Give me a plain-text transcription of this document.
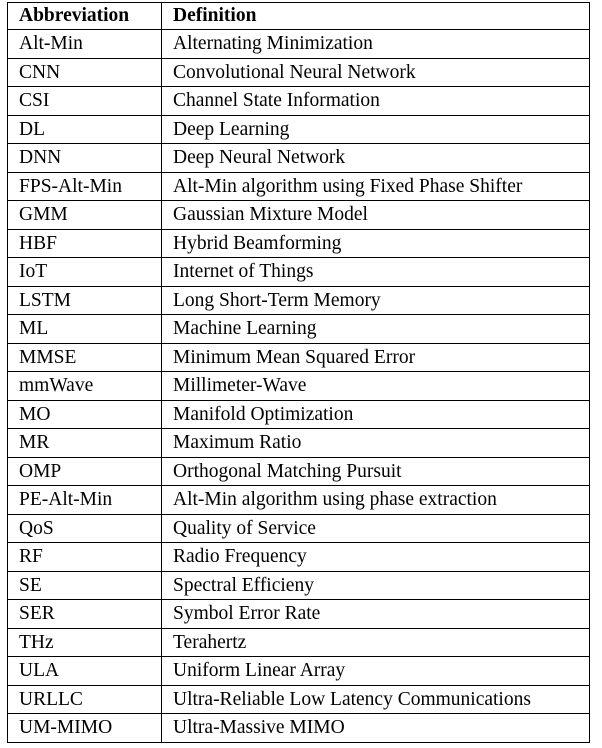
Abbreviation	Definition
Alt-Min	Alternating Minimization
CNN	Convolutional Neural Network
CSI	Channel State Information
DL	Deep Learning
DNN	Deep Neural Network
FPS-Alt-Min	Alt-Min algorithm using Fixed Phase Shifter
GMM	Gaussian Mixture Model
HBF	Hybrid Beamforming
IoT	Internet of Things
LSTM	Long Short-Term Memory
ML	Machine Learning
MMSE	Minimum Mean Squared Error
mmWave	Millimeter-Wave
MO	Manifold Optimization
MR	Maximum Ratio
OMP	Orthogonal Matching Pursuit
PE-Alt-Min	Alt-Min algorithm using phase extraction
QoS	Quality of Service
RF	Radio Frequency
SE	Spectral Efficieny
SER	Symbol Error Rate
THz	Terahertz
ULA	Uniform Linear Array
URLLC	Ultra-Reliable Low Latency Communications
UM-MIMO	Ultra-Massive MIMO
